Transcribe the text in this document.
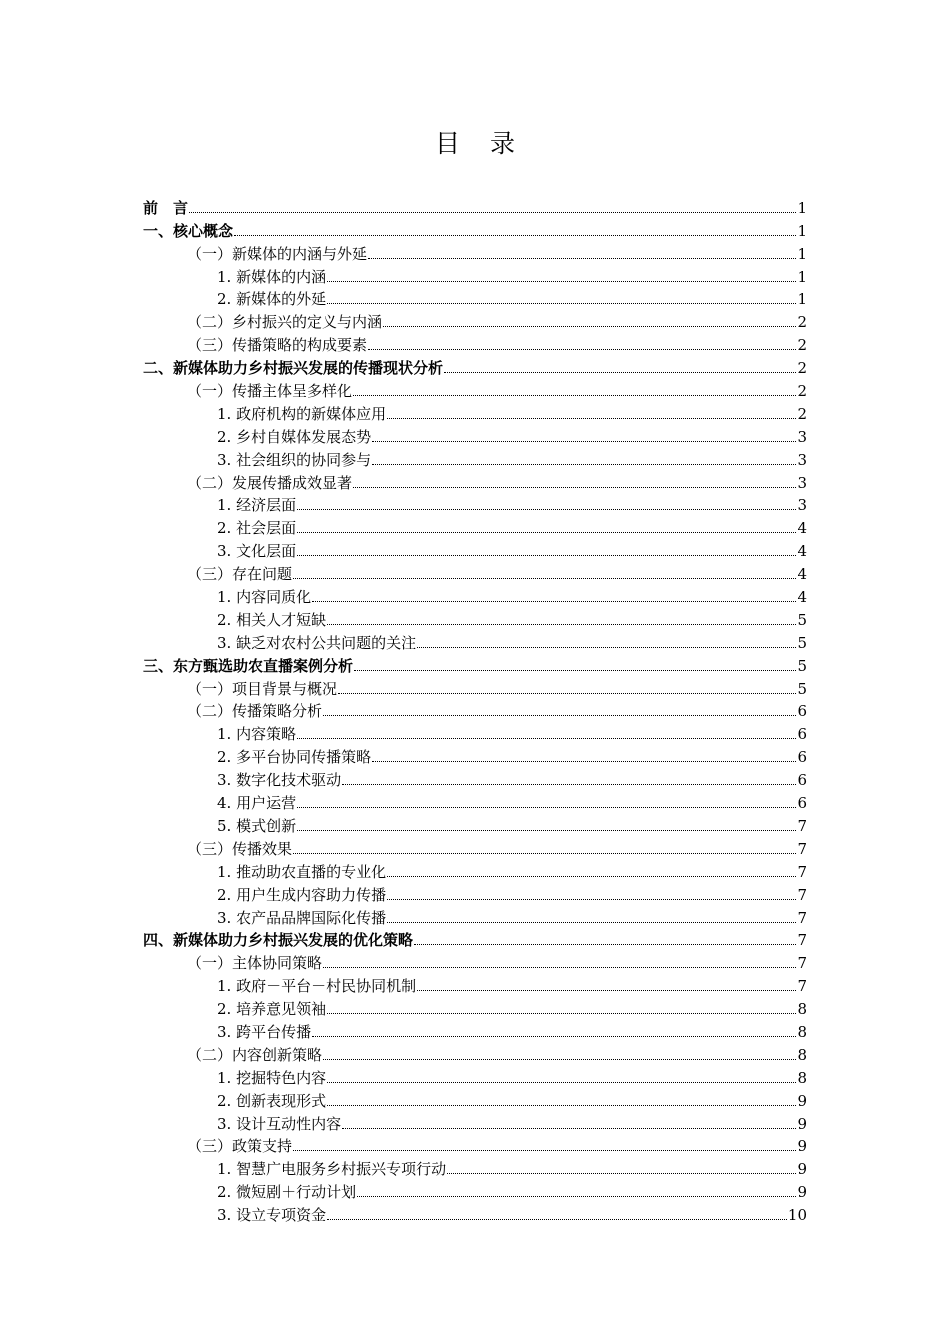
目 录
前　言	1
一、核心概念	1
（一）新媒体的内涵与外延	1
1. 新媒体的内涵	1
2. 新媒体的外延	1
（二）乡村振兴的定义与内涵	2
（三）传播策略的构成要素	2
二、新媒体助力乡村振兴发展的传播现状分析	2
（一）传播主体呈多样化	2
1. 政府机构的新媒体应用	2
2. 乡村自媒体发展态势	3
3. 社会组织的协同参与	3
（二）发展传播成效显著	3
1. 经济层面	3
2. 社会层面	4
3. 文化层面	4
（三）存在问题	4
1. 内容同质化	4
2. 相关人才短缺	5
3. 缺乏对农村公共问题的关注	5
三、东方甄选助农直播案例分析	5
（一）项目背景与概况	5
（二）传播策略分析	6
1. 内容策略	6
2. 多平台协同传播策略	6
3. 数字化技术驱动	6
4. 用户运营	6
5. 模式创新	7
（三）传播效果	7
1. 推动助农直播的专业化	7
2. 用户生成内容助力传播	7
3. 农产品品牌国际化传播	7
四、新媒体助力乡村振兴发展的优化策略	7
（一）主体协同策略	7
1. 政府－平台－村民协同机制	7
2. 培养意见领袖	8
3. 跨平台传播	8
（二）内容创新策略	8
1. 挖掘特色内容	8
2. 创新表现形式	9
3. 设计互动性内容	9
（三）政策支持	9
1. 智慧广电服务乡村振兴专项行动	9
2. 微短剧＋行动计划	9
3. 设立专项资金	10
